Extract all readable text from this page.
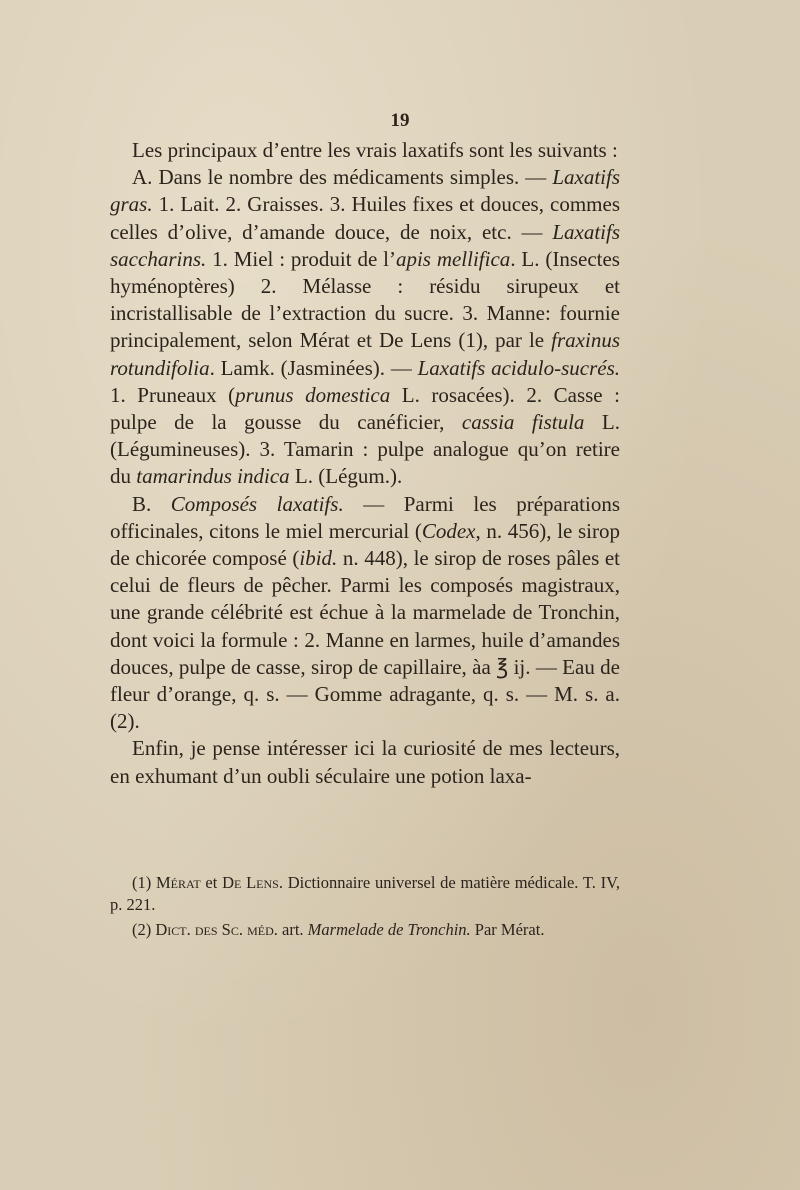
19

Les principaux d’entre les vrais laxatifs sont les suivants :

A. Dans le nombre des médicaments simples. — Laxatifs gras. 1. Lait. 2. Graisses. 3. Huiles fixes et douces, commes celles d’olive, d’amande douce, de noix, etc. — Laxatifs saccharins. 1. Miel : produit de l’apis mellifica. L. (Insectes hyménoptères) 2. Mélasse : résidu sirupeux et incristallisable de l’extraction du sucre. 3. Manne: fournie principalement, selon Mérat et De Lens (1), par le fraxinus rotundifolia. Lamk. (Jasminées). — Laxatifs acidulo-sucrés. 1. Pruneaux (prunus domestica L. rosacées). 2. Casse : pulpe de la gousse du canéficier, cassia fistula L. (Légumineuses). 3. Tamarin : pulpe analogue qu’on retire du tamarindus indica L. (Légum.).

B. Composés laxatifs. — Parmi les préparations officinales, citons le miel mercurial (Codex, n. 456), le sirop de chicorée composé (ibid. n. 448), le sirop de roses pâles et celui de fleurs de pêcher. Parmi les composés magistraux, une grande célébrité est échue à la marmelade de Tronchin, dont voici la formule : 2. Manne en larmes, huile d’amandes douces, pulpe de casse, sirop de capillaire, àa ℥ ij. — Eau de fleur d’orange, q. s. — Gomme adragante, q. s. — M. s. a. (2).

Enfin, je pense intéresser ici la curiosité de mes lecteurs, en exhumant d’un oubli séculaire une potion laxa-

(1) Mérat et De Lens. Dictionnaire universel de matière médicale. T. IV, p. 221.

(2) Dict. des Sc. méd. art. Marmelade de Tronchin. Par Mérat.
